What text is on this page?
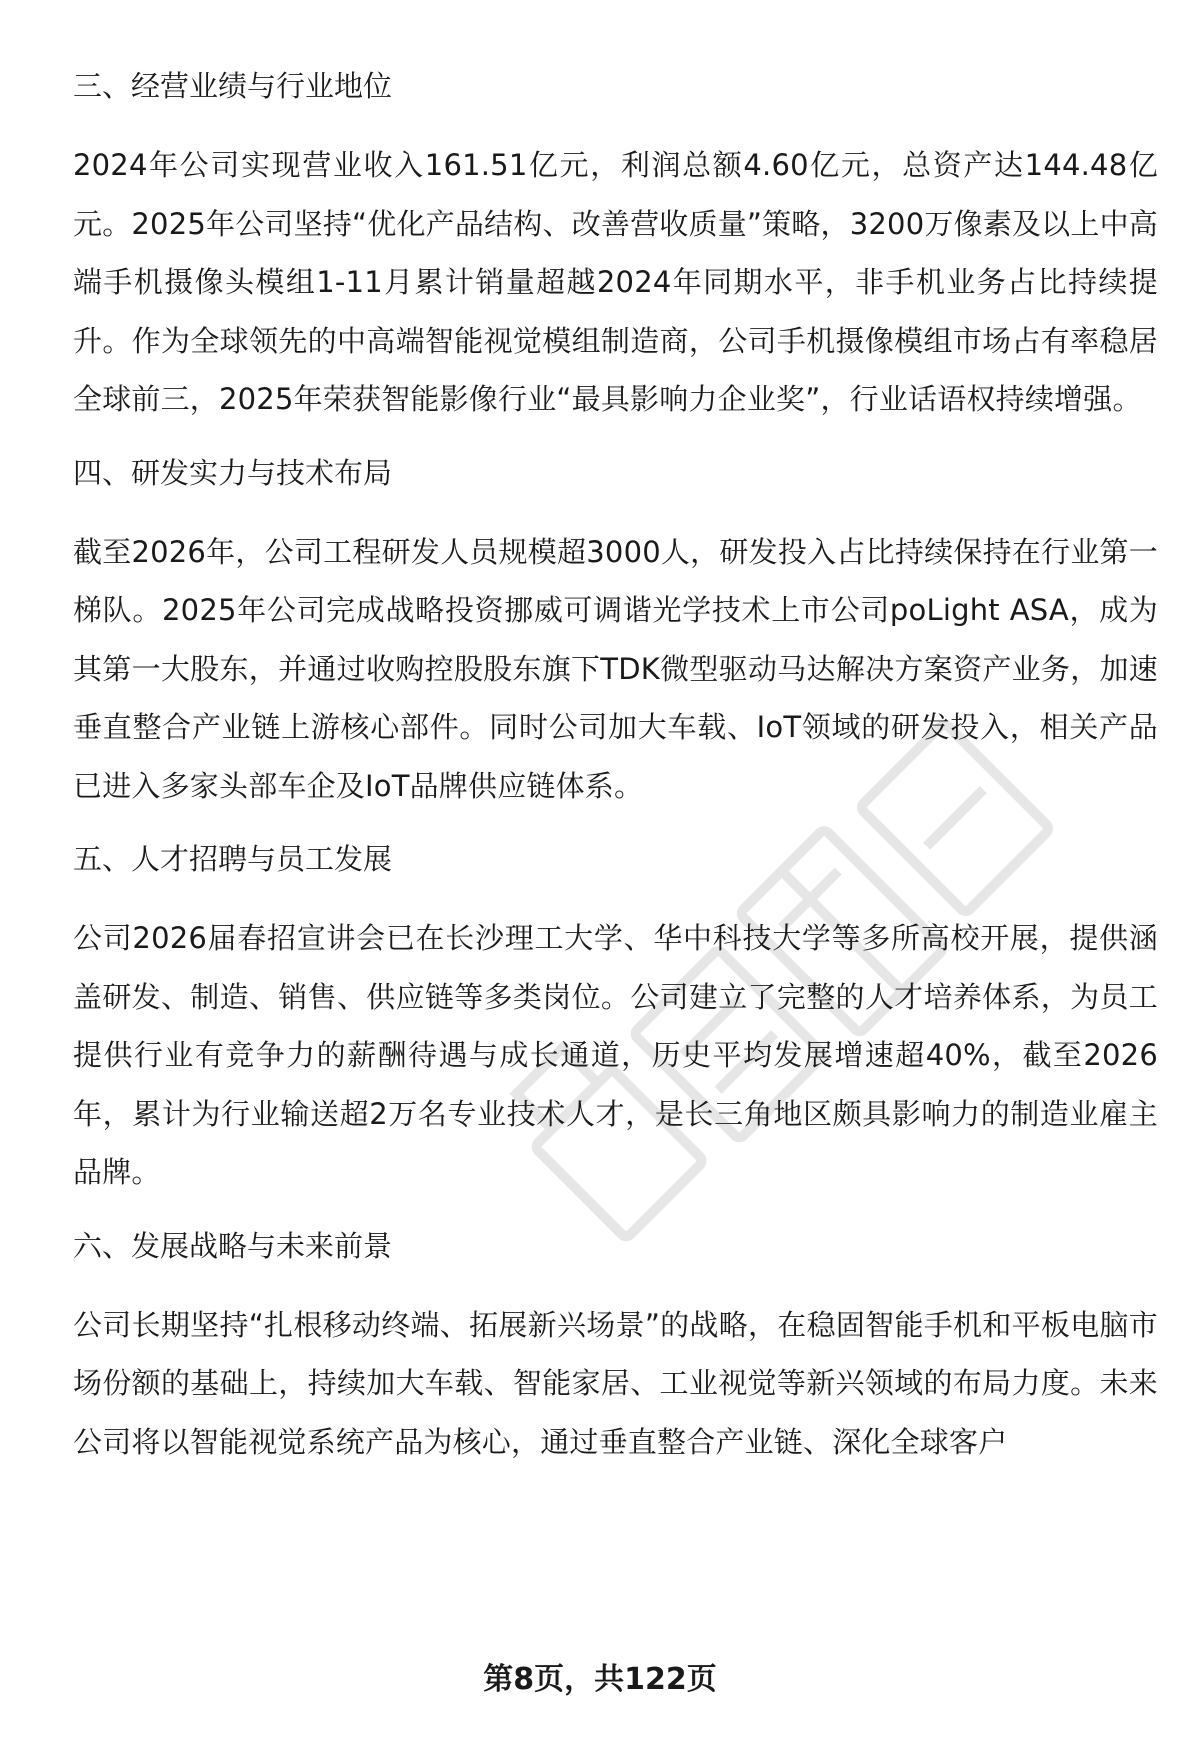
三、经营业绩与行业地位

2024年公司实现营业收入161.51亿元，利润总额4.60亿元，总资产达144.48亿元。2025年公司坚持“优化产品结构、改善营收质量”策略，3200万像素及以上中高端手机摄像头模组1-11月累计销量超越2024年同期水平，非手机业务占比持续提升。作为全球领先的中高端智能视觉模组制造商，公司手机摄像模组市场占有率稳居全球前三，2025年荣获智能影像行业“最具影响力企业奖”，行业话语权持续增强。

四、研发实力与技术布局

截至2026年，公司工程研发人员规模超3000人，研发投入占比持续保持在行业第一梯队。2025年公司完成战略投资挪威可调谐光学技术上市公司poLight ASA，成为其第一大股东，并通过收购控股股东旗下TDK微型驱动马达解决方案资产业务，加速垂直整合产业链上游核心部件。同时公司加大车载、IoT领域的研发投入，相关产品已进入多家头部车企及IoT品牌供应链体系。

五、人才招聘与员工发展

公司2026届春招宣讲会已在长沙理工大学、华中科技大学等多所高校开展，提供涵盖研发、制造、销售、供应链等多类岗位。公司建立了完整的人才培养体系，为员工提供行业有竞争力的薪酬待遇与成长通道，历史平均发展增速超40%，截至2026年，累计为行业输送超2万名专业技术人才，是长三角地区颇具影响力的制造业雇主品牌。

六、发展战略与未来前景

公司长期坚持“扎根移动终端、拓展新兴场景”的战略，在稳固智能手机和平板电脑市场份额的基础上，持续加大车载、智能家居、工业视觉等新兴领域的布局力度。未来公司将以智能视觉系统产品为核心，通过垂直整合产业链、深化全球客户

第8页，共122页
